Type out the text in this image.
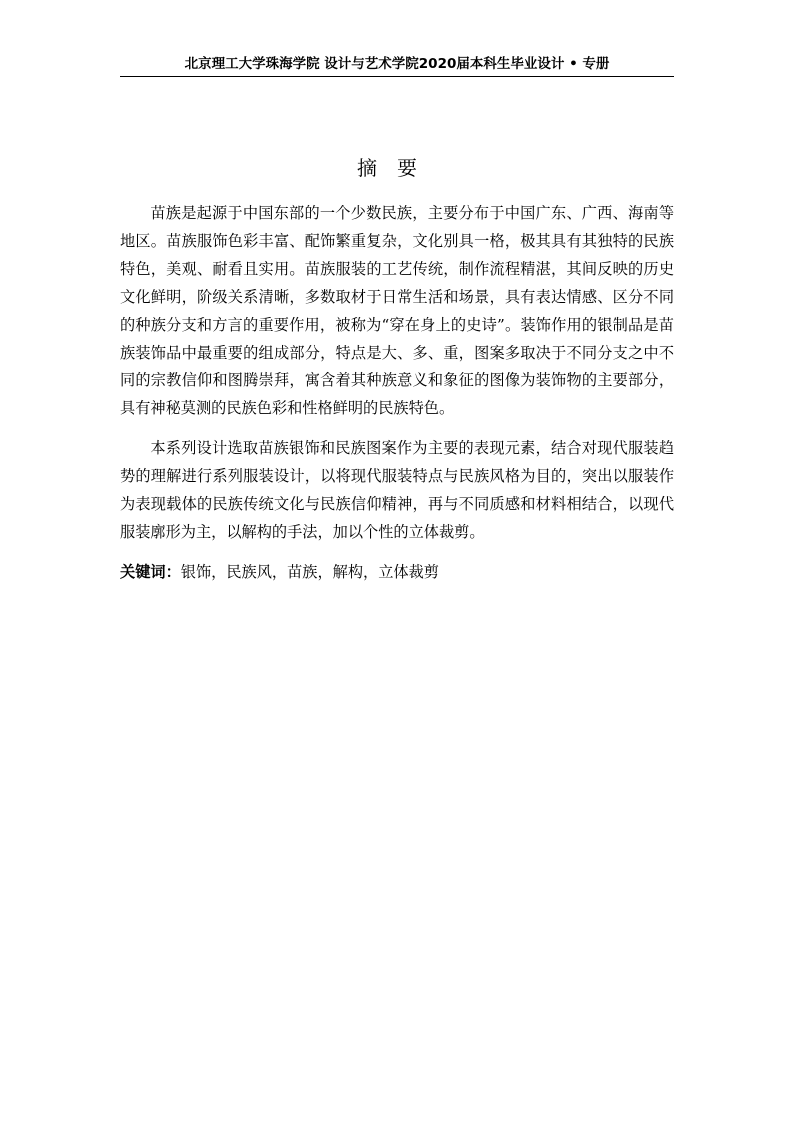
北京理工大学珠海学院 设计与艺术学院2020届本科生毕业设计 • 专册
摘要

苗族是起源于中国东部的一个少数民族，主要分布于中国广东、广西、海南等地区。苗族服饰色彩丰富、配饰繁重复杂，文化别具一格，极其具有其独特的民族特色，美观、耐看且实用。苗族服装的工艺传统，制作流程精湛，其间反映的历史文化鲜明，阶级关系清晰，多数取材于日常生活和场景，具有表达情感、区分不同的种族分支和方言的重要作用，被称为“穿在身上的史诗”。装饰作用的银制品是苗族装饰品中最重要的组成部分，特点是大、多、重，图案多取决于不同分支之中不同的宗教信仰和图腾崇拜，寓含着其种族意义和象征的图像为装饰物的主要部分，具有神秘莫测的民族色彩和性格鲜明的民族特色。

本系列设计选取苗族银饰和民族图案作为主要的表现元素，结合对现代服装趋势的理解进行系列服装设计，以将现代服装特点与民族风格为目的，突出以服装作为表现载体的民族传统文化与民族信仰精神，再与不同质感和材料相结合，以现代服装廓形为主，以解构的手法，加以个性的立体裁剪。

关键词：银饰，民族风，苗族，解构，立体裁剪
